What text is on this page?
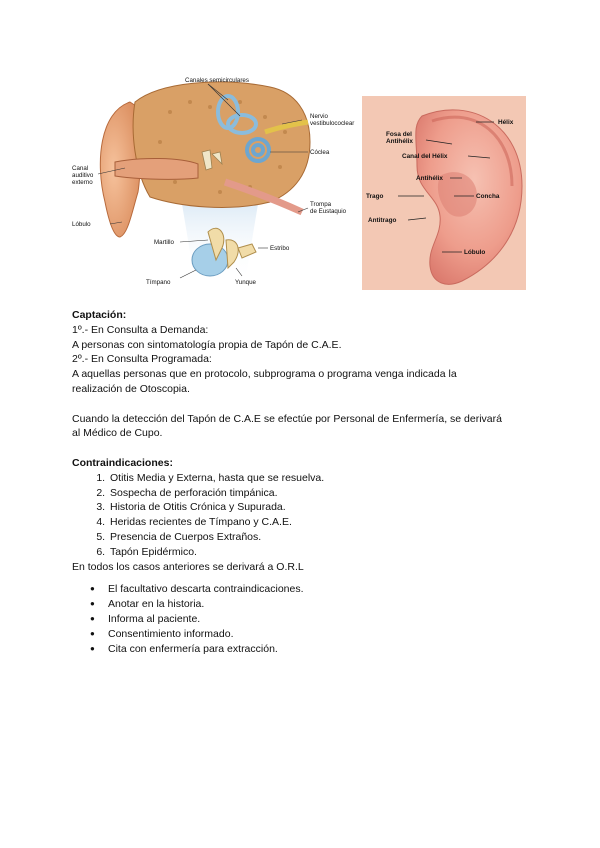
Canales semicirculares
Nervio vestibulococlear
Cóclea
Canal auditivo externo
Lóbulo
Trompa de Eustaquio
Martillo
Estribo
Tímpano	Yunque
Hélix
Fosa del Antihélix
Canal del Hélix
Antihélix
Trago	Concha
Antitrago
Lóbulo
Captación:
1º.- En Consulta a Demanda:
A personas con sintomatología propia de Tapón de C.A.E.
2º.- En Consulta Programada:
A aquellas personas que en protocolo, subprograma o programa venga indicada la
realización de Otoscopia.
Cuando la detección del Tapón de C.A.E se efectúe por Personal de Enfermería, se derivará
al Médico de Cupo.
Contraindicaciones:
1. Otitis Media y Externa, hasta que se resuelva.
2. Sospecha de perforación timpánica.
3. Historia de Otitis Crónica y Supurada.
4. Heridas recientes de Tímpano y C.A.E.
5. Presencia de Cuerpos Extraños.
6. Tapón Epidérmico.
En todos los casos anteriores se derivará a O.R.L
● El facultativo descarta contraindicaciones.
● Anotar en la historia.
● Informa al paciente.
● Consentimiento informado.
● Cita con enfermería para extracción.
